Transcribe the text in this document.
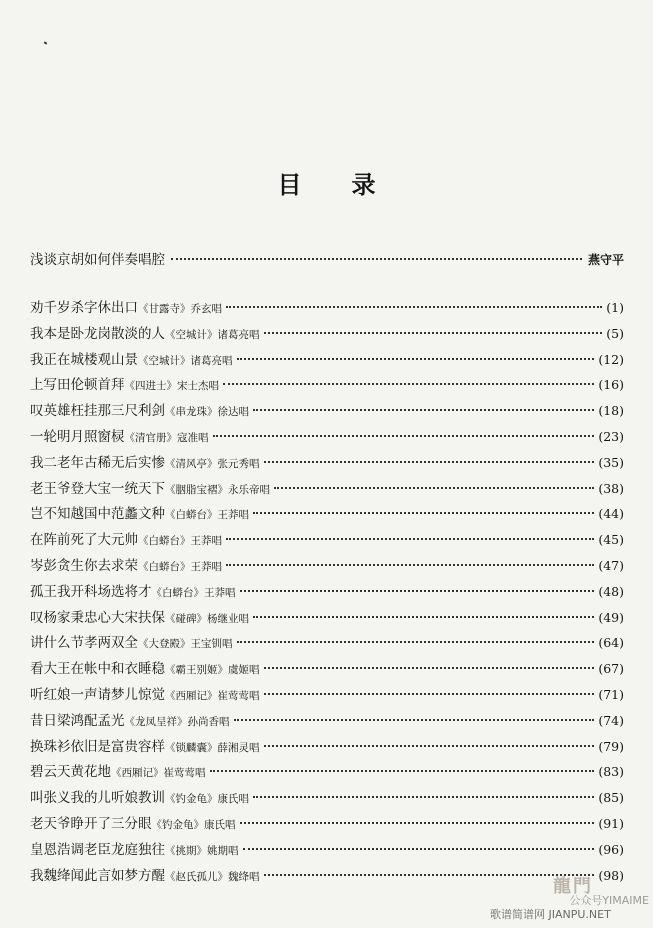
目录
浅谈京胡如何伴奏唱腔	燕守平
劝千岁杀字休出口 《甘露寺》乔玄唱	(1)
我本是卧龙岗散淡的人 《空城计》诸葛亮唱	(5)
我正在城楼观山景 《空城计》诸葛亮唱	(12)
上写田伦顿首拜 《四进士》宋士杰唱	(16)
叹英雄枉挂那三尺利剑 《串龙珠》徐达唱	(18)
一轮明月照窗棂 《清官册》寇准唱	(23)
我二老年古稀无后实惨 《清风亭》张元秀唱	(35)
老王爷登大宝一统天下 《胭脂宝褶》永乐帝唱	(38)
岂不知越国中范蠡文种 《白蟒台》王莽唱	(44)
在阵前死了大元帅 《白蟒台》王莽唱	(45)
岑彭贪生你去求荣 《白蟒台》王莽唱	(47)
孤王我开科场选将才 《白蟒台》王莽唱	(48)
叹杨家秉忠心大宋扶保 《碰碑》杨继业唱	(49)
讲什么节孝两双全 《大登殿》王宝钏唱	(64)
看大王在帐中和衣睡稳 《霸王别姬》虞姬唱	(67)
听红娘一声请梦儿惊觉 《西厢记》崔莺莺唱	(71)
昔日梁鸿配孟光 《龙凤呈祥》孙尚香唱	(74)
换珠衫依旧是富贵容样 《锁麟囊》薛湘灵唱	(79)
碧云天黄花地 《西厢记》崔莺莺唱	(83)
叫张义我的儿听娘教训 《钓金龟》康氏唱	(85)
老天爷睁开了三分眼 《钓金龟》康氏唱	(91)
皇恩浩调老臣龙庭独往 《挑期》姚期唱	(96)
我魏绛闻此言如梦方醒 《赵氏孤儿》魏绛唱	(98)
龍門
公众号YIMAIME
歌谱简谱网 JIANPU.NET
